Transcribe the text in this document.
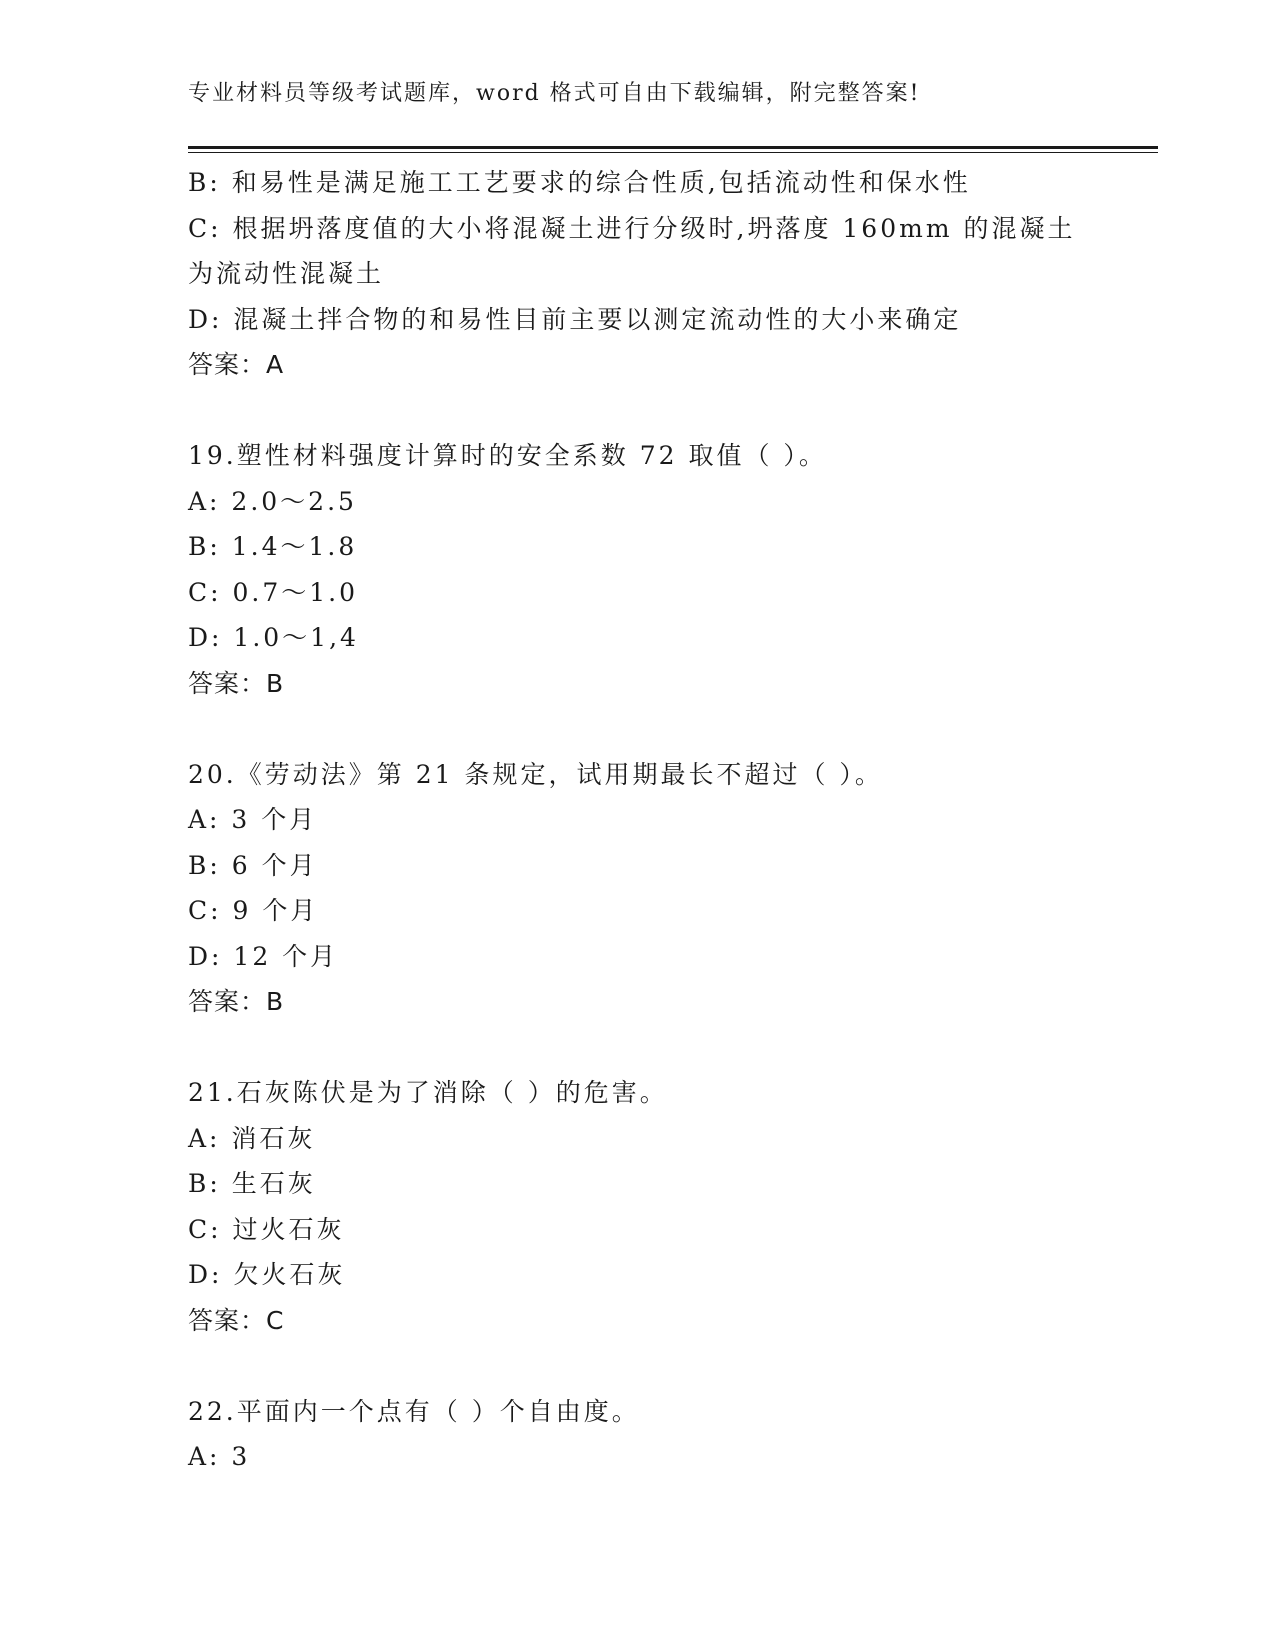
专业材料员等级考试题库，word 格式可自由下载编辑，附完整答案!
B: 和易性是满足施工工艺要求的综合性质,包括流动性和保水性
C: 根据坍落度值的大小将混凝土进行分级时,坍落度 160mm 的混凝土
为流动性混凝土
D: 混凝土拌合物的和易性目前主要以测定流动性的大小来确定
答案：A
19.塑性材料强度计算时的安全系数 72 取值（ ）。
A: 2.0～2.5
B: 1.4～1.8
C: 0.7～1.0
D: 1.0～1,4
答案：B
20.《劳动法》第 21 条规定，试用期最长不超过（ ）。
A: 3 个月
B: 6 个月
C: 9 个月
D: 12 个月
答案：B
21.石灰陈伏是为了消除（ ）的危害。
A: 消石灰
B: 生石灰
C: 过火石灰
D: 欠火石灰
答案：C
22.平面内一个点有（ ）个自由度。
A: 3
